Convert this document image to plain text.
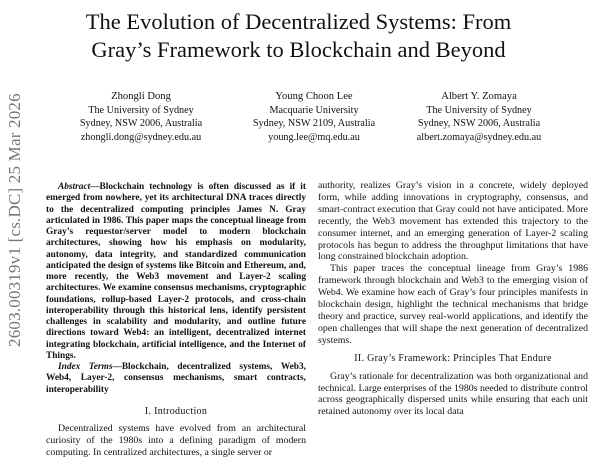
The Evolution of Decentralized Systems: From
Gray’s Framework to Blockchain and Beyond
Zhongli Dong
The University of Sydney
Sydney, NSW 2006, Australia
zhongli.dong@sydney.edu.au
Young Choon Lee
Macquarie University
Sydney, NSW 2109, Australia
young.lee@mq.edu.au
Albert Y. Zomaya
The University of Sydney
Sydney, NSW 2006, Australia
albert.zomaya@sydney.edu.au
2603.00319v1 [cs.DC] 25 Mar 2026	Abstract—Blockchain technology is often discussed as if it emerged from nowhere, yet its architectural DNA traces directly to the decentralized computing principles James N. Gray articulated in 1986. This paper maps the conceptual lineage from Gray’s requestor/server model to modern blockchain architectures, showing how his emphasis on modularity, autonomy, data integrity, and standardized communication anticipated the design of systems like Bitcoin and Ethereum, and, more recently, the Web3 movement and Layer-2 scaling architectures. We examine consensus mechanisms, cryptographic foundations, rollup-based Layer-2 protocols, and cross-chain interoperability through this historical lens, identify persistent challenges in scalability and modularity, and outline future directions toward Web4: an intelligent, decentralized internet integrating blockchain, artificial intelligence, and the Internet of Things.

Index Terms—Blockchain, decentralized systems, Web3, Web4, Layer-2, consensus mechanisms, smart contracts, interoperability

I. Introduction

Decentralized systems have evolved from an architectural curiosity of the 1980s into a defining paradigm of modern computing. In centralized architectures, a single server or

authority, realizes Gray’s vision in a concrete, widely deployed form, while adding innovations in cryptography, consensus, and smart-contract execution that Gray could not have anticipated. More recently, the Web3 movement has extended this trajectory to the consumer internet, and an emerging generation of Layer-2 scaling protocols has begun to address the throughput limitations that have long constrained blockchain adoption.

This paper traces the conceptual lineage from Gray’s 1986 framework through blockchain and Web3 to the emerging vision of Web4. We examine how each of Gray’s four principles manifests in blockchain design, highlight the technical mechanisms that bridge theory and practice, survey real-world applications, and identify the open challenges that will shape the next generation of decentralized systems.

II. Gray’s Framework: Principles That Endure

Gray’s rationale for decentralization was both organizational and technical. Large enterprises of the 1980s needed to distribute control across geographically dispersed units while ensuring that each unit retained autonomy over its local data
